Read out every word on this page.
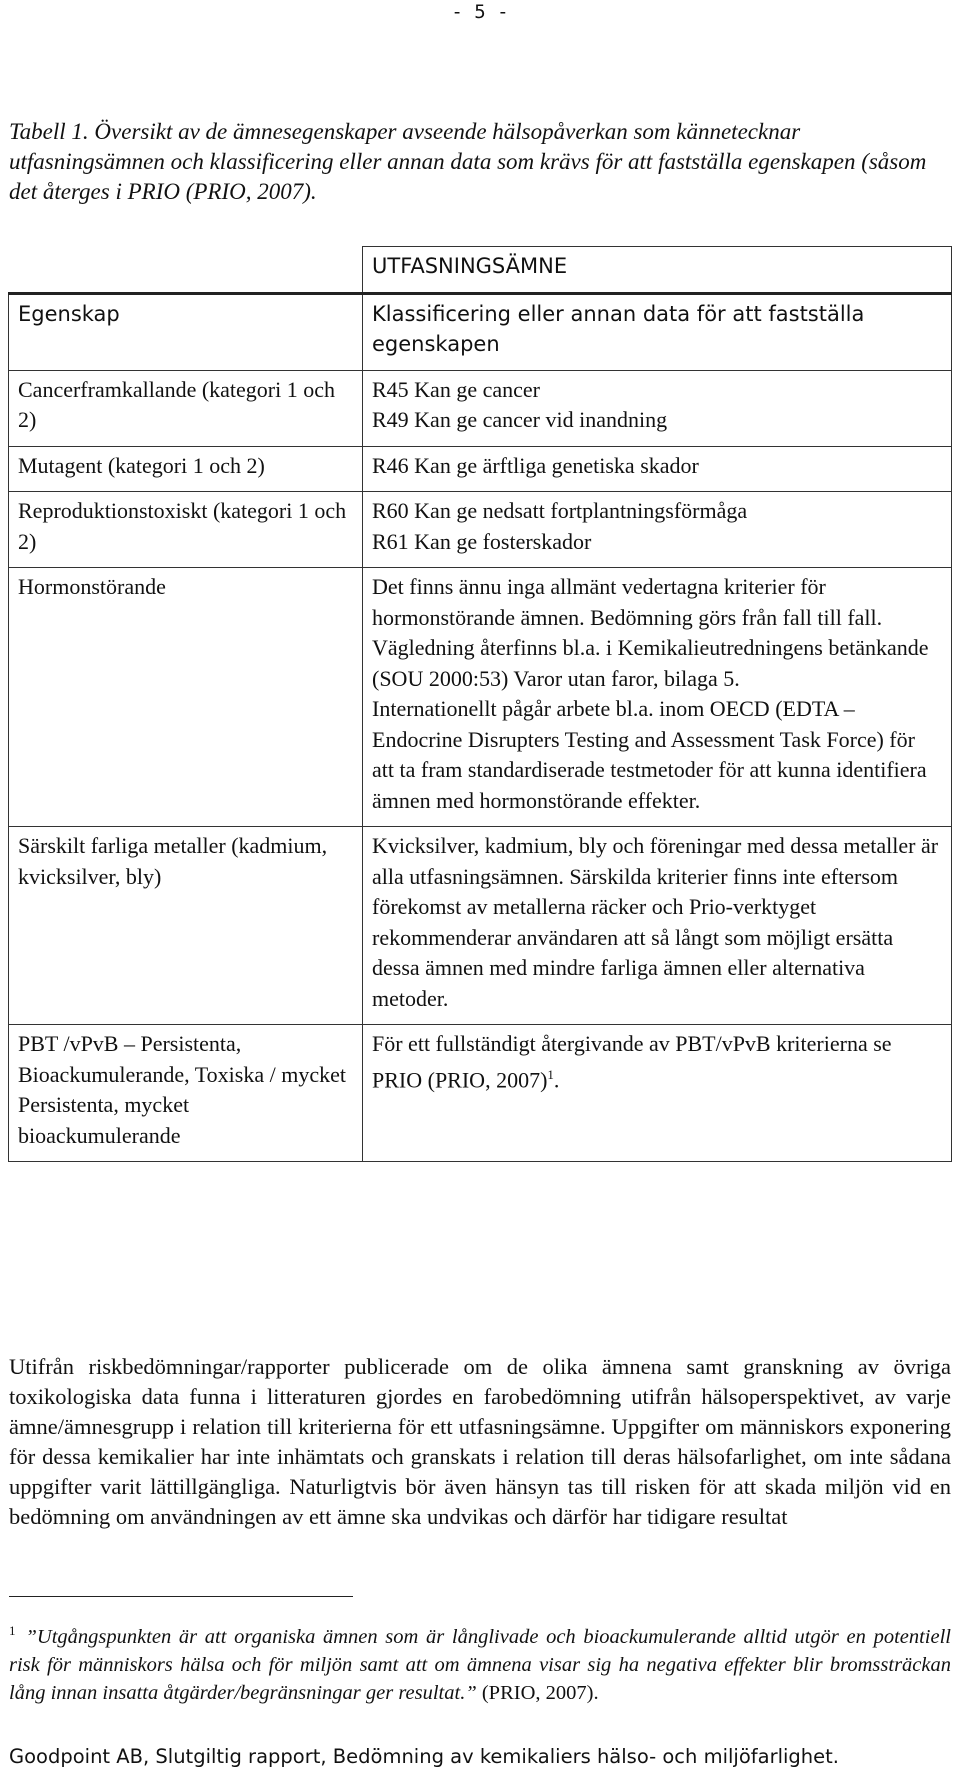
- 5 -
Tabell 1. Översikt av de ämnesegenskaper avseende hälsopåverkan som kännetecknar utfasningsämnen och klassificering eller annan data som krävs för att fastställa egenskapen (såsom det återges i PRIO (PRIO, 2007).
	UTFASNINGSÄMNE
Egenskap	Klassificering eller annan data för att fastställa egenskapen
Cancerframkallande (kategori 1 och 2)	R45 Kan ge cancer
R49 Kan ge cancer vid inandning

Mutagent (kategori 1 och 2)	R46 Kan ge ärftliga genetiska skador

Reproduktionstoxiskt (kategori 1 och 2)	R60 Kan ge nedsatt fortplantningsförmåga
R61 Kan ge fosterskador

Hormonstörande	Det finns ännu inga allmänt vedertagna kriterier för hormonstörande ämnen. Bedömning görs från fall till fall. Vägledning återfinns bl.a. i Kemikalieutredningens betänkande (SOU 2000:53) Varor utan faror, bilaga 5.
Internationellt pågår arbete bl.a. inom OECD (EDTA – Endocrine Disrupters Testing and Assessment Task Force) för att ta fram standardiserade testmetoder för att kunna identifiera ämnen med hormonstörande effekter.

Särskilt farliga metaller (kadmium, kvicksilver, bly)	Kvicksilver, kadmium, bly och föreningar med dessa metaller är alla utfasningsämnen. Särskilda kriterier finns inte eftersom förekomst av metallerna räcker och Prio-verktyget rekommenderar användaren att så långt som möjligt ersätta dessa ämnen med mindre farliga ämnen eller alternativa metoder.

PBT /vPvB – Persistenta, Bioackumulerande, Toxiska / mycket Persistenta, mycket bioackumulerande	För ett fullständigt återgivande av PBT/vPvB kriterierna se PRIO (PRIO, 2007)$^1$.
Utifrån riskbedömningar/rapporter publicerade om de olika ämnena samt granskning av övriga toxikologiska data funna i litteraturen gjordes en farobedömning utifrån hälsoperspektivet, av varje ämne/ämnesgrupp i relation till kriterierna för ett utfasningsämne. Uppgifter om människors exponering för dessa kemikalier har inte inhämtats och granskats i relation till deras hälsofarlighet, om inte sådana uppgifter varit lättillgängliga. Naturligtvis bör även hänsyn tas till risken för att skada miljön vid en bedömning om användningen av ett ämne ska undvikas och därför har tidigare resultat
$^1$ ”Utgångspunkten är att organiska ämnen som är långlivade och bioackumulerande alltid utgör en potentiell risk för människors hälsa och för miljön samt att om ämnena visar sig ha negativa effekter blir bromssträckan lång innan insatta åtgärder/begränsningar ger resultat.” (PRIO, 2007).
Goodpoint AB, Slutgiltig rapport, Bedömning av kemikaliers hälso- och miljöfarlighet.
